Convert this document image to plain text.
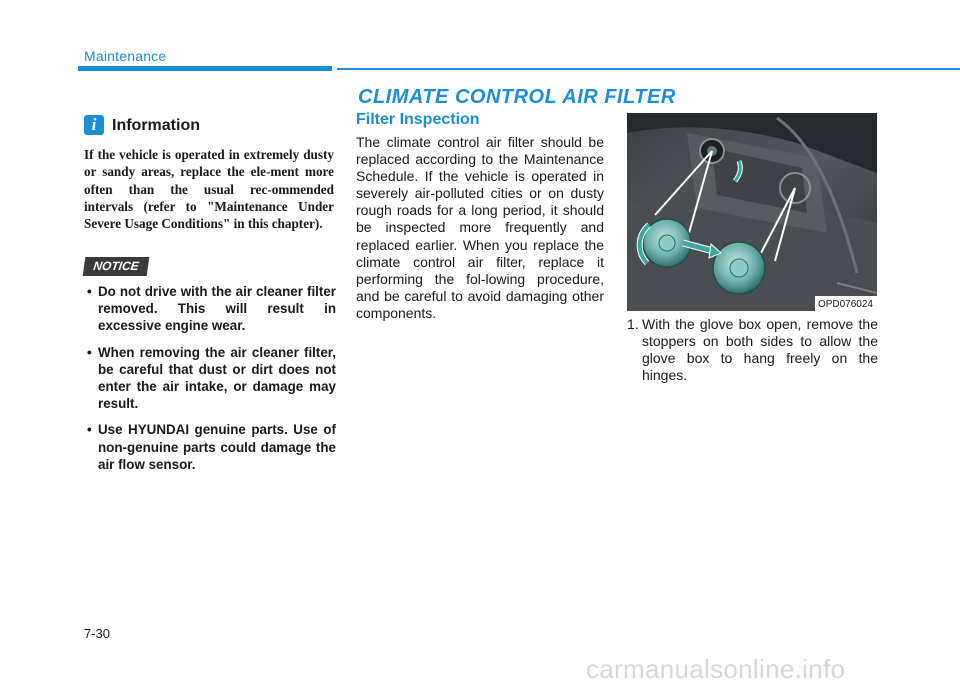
Maintenance
CLIMATE CONTROL AIR FILTER
i Information
If the vehicle is operated in extremely dusty or sandy areas, replace the ele-ment more often than the usual rec-ommended intervals (refer to "Maintenance Under Severe Usage Conditions" in this chapter).
NOTICE
• Do not drive with the air cleaner filter removed. This will result in excessive engine wear.
• When removing the air cleaner filter, be careful that dust or dirt does not enter the air intake, or damage may result.
• Use HYUNDAI genuine parts. Use of non-genuine parts could damage the air flow sensor.
Filter Inspection
The climate control air filter should be replaced according to the Maintenance Schedule. If the vehicle is operated in severely air-polluted cities or on dusty rough roads for a long period, it should be inspected more frequently and replaced earlier. When you replace the climate control air filter, replace it performing the fol-lowing procedure, and be careful to avoid damaging other components.
OPD076024
1. With the glove box open, remove the stoppers on both sides to allow the glove box to hang freely on the hinges.
7-30
carmanualsonline.info
